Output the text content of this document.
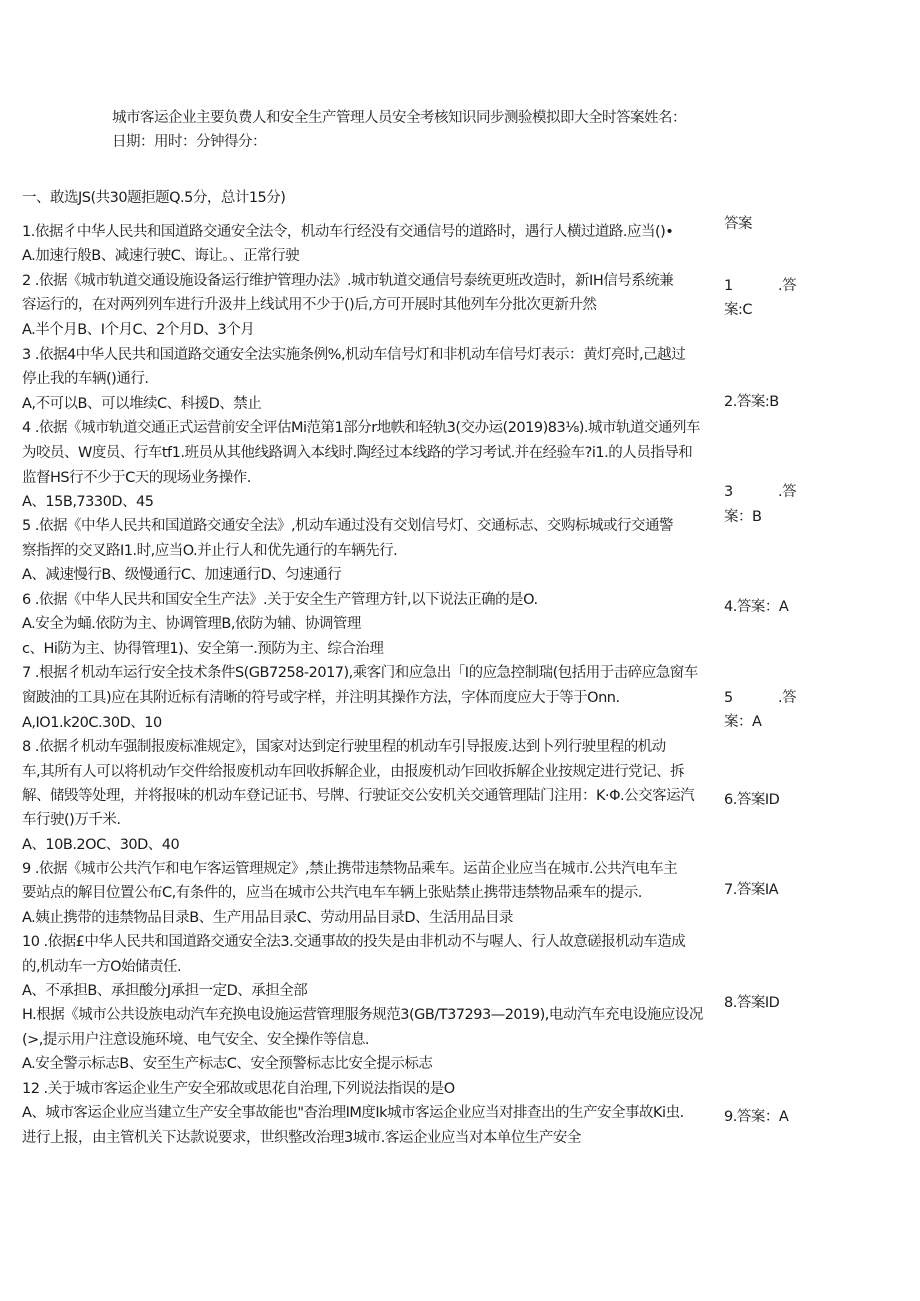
城市客运企业主要负费人和安全生产管理人员安全考核知识同步测验模拟即大全时答案姓名：
日期：用时：分钟得分：
一、敢选JS(共30题拒题Q.5分，总计15分)
答案
1.依据彳中华人民共和国道路交通安全法令，机动车行经没有交通信号的道路时，遇行人横过道路.应当()•
A.加速行般B、减速行驶C、诲让。、正常行驶
2 .依据《城市轨道交通设施设备运行维护管理办法》.城市轨道交通信号泰统更班改造时，新IH信号系统兼
容运行的，在对两列列车进行升汲井上线试用不少于()后,方可开展时其他列车分批次更新升然
A.半个月B、I个月C、2个月D、3个月
3 .依据4中华人民共和国道路交通安全法实施条例%,机动车信号灯和非机动车信号灯表示：黄灯亮时,己越过
停止我的车辆()通行.
A,不可以B、可以堆续C、科援D、禁止
4 .依据《城市轨道交通正式运营前安全评估Mi范第1部分r地帙和轻轨3(交办运(2019)83⅛).城市轨道交通列车
为咬员、W度员、行车tf1.班员从其他线路调入本线时.陶经过本线路的学习考试.并在经验车?i1.的人员指导和
监督HS行不少于C天的现场业务操作.
A、15B,7330D、45
5 .依据《中华人民共和国道路交通安全法》,机动车通过没有交划信号灯、交通标志、交购标城或行交通警
察指挥的交叉路I1.时,应当O.并止行人和优先通行的车辆先行.
A、减速慢行B、级慢通行C、加速通行D、匀速通行
6 .依据《中华人民共和国安全生产法》.关于安全生产管理方针,以下说法正确的是O.
A.安全为蛹.依防为主、协调管理B,依防为辅、协调管理
c、Hi防为主、协得管理1)、安全第一.预防为主、综合治理
7 .根据彳机动车运行安全技术条件S(GB7258-2017),乘客门和应急出「I的应急控制瑞(包括用于击碎应急窗车
窗跛油的工具)应在其附近标有清晰的符号或字样，并注明其操作方法，字体而度应大于等于Onn.
A,IO1.k20C.30D、10
8 .依据彳机动车强制报废标准规定》，国家对达到定行驶里程的机动车引导报废.达到卜列行驶里程的机动
车,其所有人可以将机动乍交件给报废机动车回收拆解企业，由报废机动乍回收拆解企业按规定进行党记、拆
解、储毁等处理，并将报味的机动车登记证书、号牌、行驶证交公安机关交通管理陆门注用：K·Φ.公交客运汽
车行驶()万千米.
A、10B.2OC、30D、40
9 .依据《城市公共汽乍和电乍客运管理规定》,禁止携带违禁物品乘车。运苗企业应当在城市.公共汽电车主
要站点的解目位置公布C,有条件的，应当在城市公共汽电车车辆上张贴禁止携带违禁物品乘车的提示.
A.姨止携带的违禁物品目录B、生产用品目录C、劳动用品目录D、生活用品目录
10 .依据£中华人民共和国道路交通安全法3.交通事故的投失是由非机动不与喔人、行人故意磋报机动车造成
的,机动车一方O始储责任.
A、不承担B、承担酸分J承担一定D、承担全部
H.根据《城市公共设族电动汽车充换电设施运营管理服务规范3(GB/T37293—2019),电动汽车充电设施应设况
(>,提示用户注意设施环境、电气安全、安全操作等信息.
A.安全警示标志B、安至生产标志C、安全预警标志比安全提示标志
12 .关于城市客运企业生产安全邪故或思花自治理,下列说法指误的是O
A、城市客运企业应当建立生产安全事故能也"杳治理IM度Ik城市客运企业应当对排查出的生产安全事故Ki虫.
进行上报，由主管机关下达款说要求，世织整改治理3城市.客运企业应当对本单位生产安全
1	.答
案:C
2.答案:B
3	.答
案：B
4.答案：A
5	.答
案：A
6.答案ID
7.答案IA
8.答案ID
9.答案：A
